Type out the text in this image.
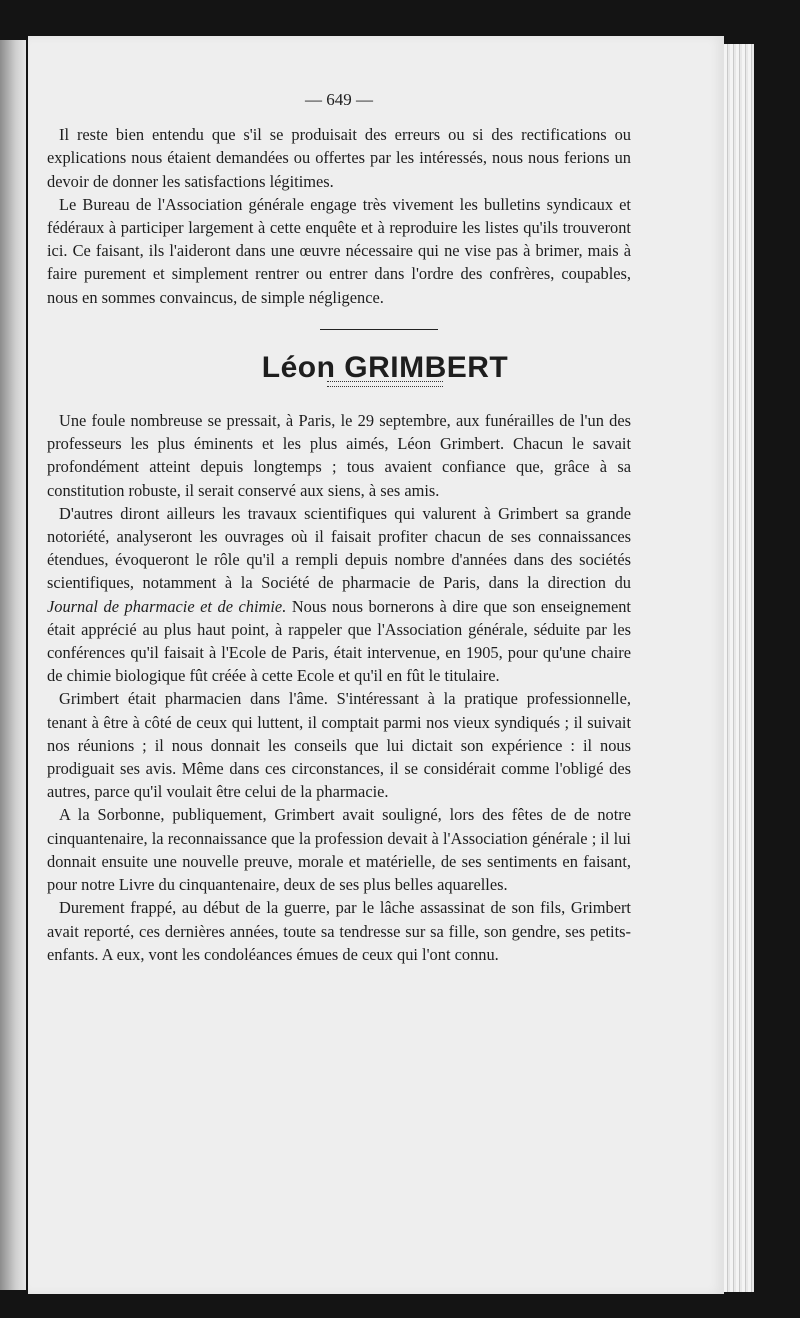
— 649 —

Il reste bien entendu que s'il se produisait des erreurs ou si des rectifications ou explications nous étaient demandées ou offertes par les intéressés, nous nous ferions un devoir de donner les satisfactions légitimes.

Le Bureau de l'Association générale engage très vivement les bulletins syndicaux et fédéraux à participer largement à cette enquête et à reproduire les listes qu'ils trouveront ici. Ce faisant, ils l'aideront dans une œuvre nécessaire qui ne vise pas à brimer, mais à faire purement et simplement rentrer ou entrer dans l'ordre des confrères, coupables, nous en sommes convaincus, de simple négligence.

Léon GRIMBERT

Une foule nombreuse se pressait, à Paris, le 29 septembre, aux funérailles de l'un des professeurs les plus éminents et les plus aimés, Léon Grimbert. Chacun le savait profondément atteint depuis longtemps ; tous avaient confiance que, grâce à sa constitution robuste, il serait conservé aux siens, à ses amis.

D'autres diront ailleurs les travaux scientifiques qui valurent à Grimbert sa grande notoriété, analyseront les ouvrages où il faisait profiter chacun de ses connaissances étendues, évoqueront le rôle qu'il a rempli depuis nombre d'années dans des sociétés scientifiques, notamment à la Société de pharmacie de Paris, dans la direction du Journal de pharmacie et de chimie. Nous nous bornerons à dire que son enseignement était apprécié au plus haut point, à rappeler que l'Association générale, séduite par les conférences qu'il faisait à l'Ecole de Paris, était intervenue, en 1905, pour qu'une chaire de chimie biologique fût créée à cette Ecole et qu'il en fût le titulaire.

Grimbert était pharmacien dans l'âme. S'intéressant à la pratique professionnelle, tenant à être à côté de ceux qui luttent, il comptait parmi nos vieux syndiqués ; il suivait nos réunions ; il nous donnait les conseils que lui dictait son expérience : il nous prodiguait ses avis. Même dans ces circonstances, il se considérait comme l'obligé des autres, parce qu'il voulait être celui de la pharmacie.

A la Sorbonne, publiquement, Grimbert avait souligné, lors des fêtes de de notre cinquantenaire, la reconnaissance que la profession devait à l'Association générale ; il lui donnait ensuite une nouvelle preuve, morale et matérielle, de ses sentiments en faisant, pour notre Livre du cinquantenaire, deux de ses plus belles aquarelles.

Durement frappé, au début de la guerre, par le lâche assassinat de son fils, Grimbert avait reporté, ces dernières années, toute sa tendresse sur sa fille, son gendre, ses petits-enfants. A eux, vont les condoléances émues de ceux qui l'ont connu.
